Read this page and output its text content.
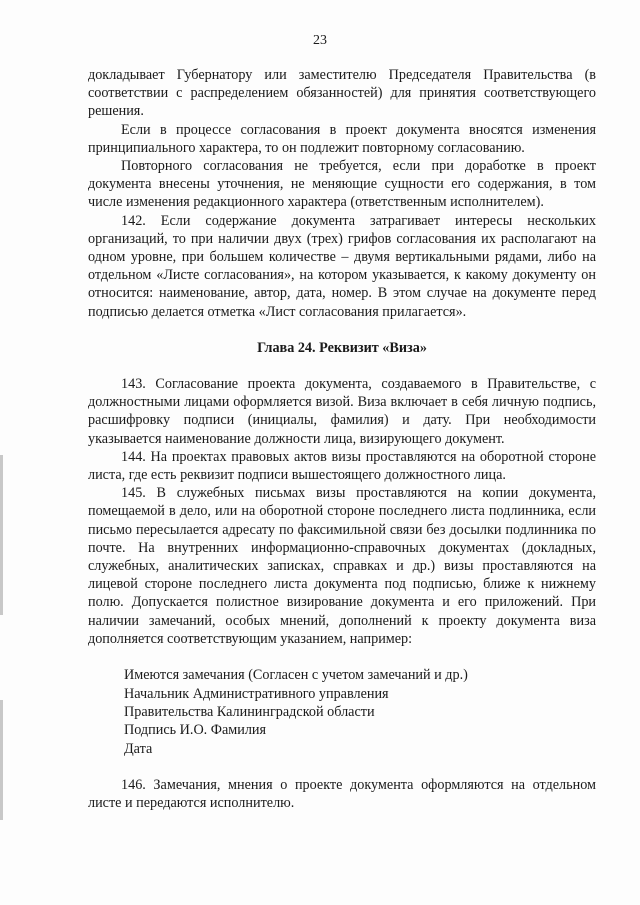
23

докладывает Губернатору или заместителю Председателя Правительства (в соответствии с распределением обязанностей) для принятия соответствующего решения.

Если в процессе согласования в проект документа вносятся изменения принципиального характера, то он подлежит повторному согласованию.

Повторного согласования не требуется, если при доработке в проект документа внесены уточнения, не меняющие сущности его содержания, в том числе изменения редакционного характера (ответственным исполнителем).

142. Если содержание документа затрагивает интересы нескольких организаций, то при наличии двух (трех) грифов согласования их располагают на одном уровне, при большем количестве – двумя вертикальными рядами, либо на отдельном «Листе согласования», на котором указывается, к какому документу он относится: наименование, автор, дата, номер. В этом случае на документе перед подписью делается отметка «Лист согласования прилагается».

Глава 24. Реквизит «Виза»

143. Согласование проекта документа, создаваемого в Правительстве, с должностными лицами оформляется визой. Виза включает в себя личную подпись, расшифровку подписи (инициалы, фамилия) и дату. При необходимости указывается наименование должности лица, визирующего документ.

144. На проектах правовых актов визы проставляются на оборотной стороне листа, где есть реквизит подписи вышестоящего должностного лица.

145. В служебных письмах визы проставляются на копии документа, помещаемой в дело, или на оборотной стороне последнего листа подлинника, если письмо пересылается адресату по факсимильной связи без досылки подлинника по почте. На внутренних информационно-справочных документах (докладных, служебных, аналитических записках, справках и др.) визы проставляются на лицевой стороне последнего листа документа под подписью, ближе к нижнему полю. Допускается полистное визирование документа и его приложений. При наличии замечаний, особых мнений, дополнений к проекту документа виза дополняется соответствующим указанием, например:

Имеются замечания (Согласен с учетом замечаний и др.)
Начальник Административного управления
Правительства Калининградской области
Подпись И.О. Фамилия
Дата

146. Замечания, мнения о проекте документа оформляются на отдельном листе и передаются исполнителю.
